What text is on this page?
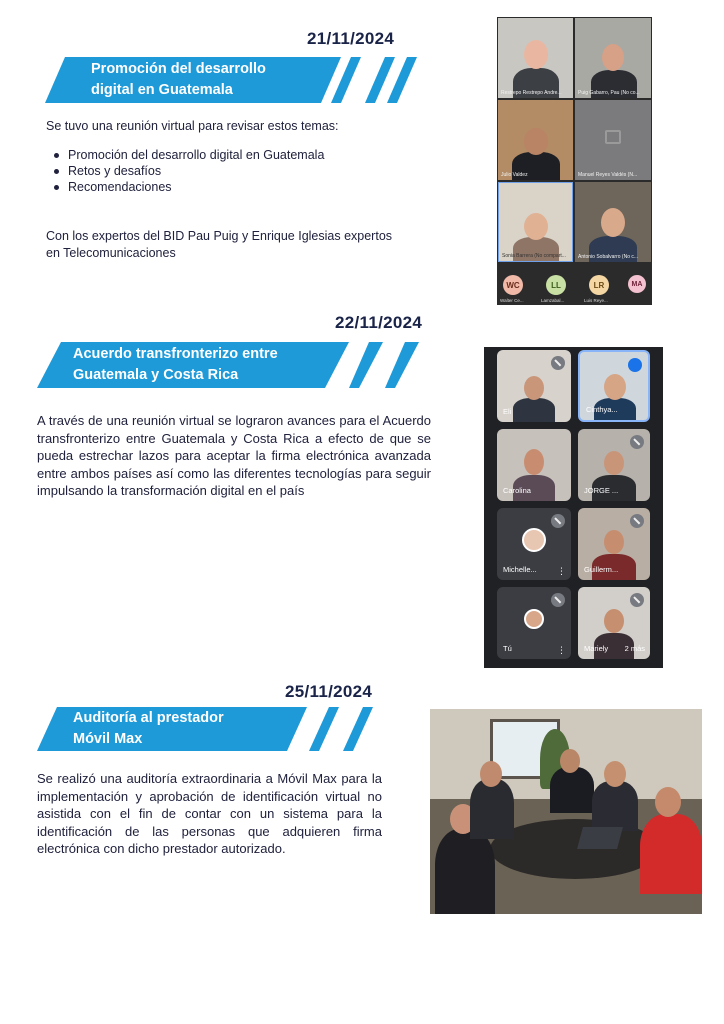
21/11/2024
Promoción del desarrollo
digital en Guatemala
Se tuvo una reunión virtual para revisar estos temas:
Promoción del desarrollo digital en Guatemala
Retos y desafíos
Recomendaciones
Con los expertos del BID Pau Puig y Enrique Iglesias expertos
en Telecomunicaciones
Restrepo Restrepo Andre...	Puig Gabarro, Pau (No co...
Julio Valdez	Manuel Reyes Valdés (N...
Sonia Barrera (No compart... Antonio Sobalvarro (No c...
WC
Walter Ce...
LL
Lamzabal...
LR
Luis Reye...
MA
22/11/2024
Acuerdo transfronterizo entre
Guatemala y Costa Rica
A través de una reunión virtual se lograron avances para el Acuerdo transfronterizo entre Guatemala y Costa Rica a efecto de que se pueda estrechar lazos para aceptar la firma electrónica avanzada entre ambos países así como las diferentes tecnologías para seguir impulsando la transformación digital en el país
Eli	Cinthya...
Carolina	JORGE ...
Michelle... ⋮ Guillerm...
Tú	⋮ Mariely 2 más
25/11/2024
Auditoría al prestador
Móvil Max
Se realizó una auditoría extraordinaria a Móvil Max para la implementación y aprobación de identificación virtual no asistida con el fin de contar con un sistema para la identificación de las personas que adquieren firma electrónica con dicho prestador autorizado.
